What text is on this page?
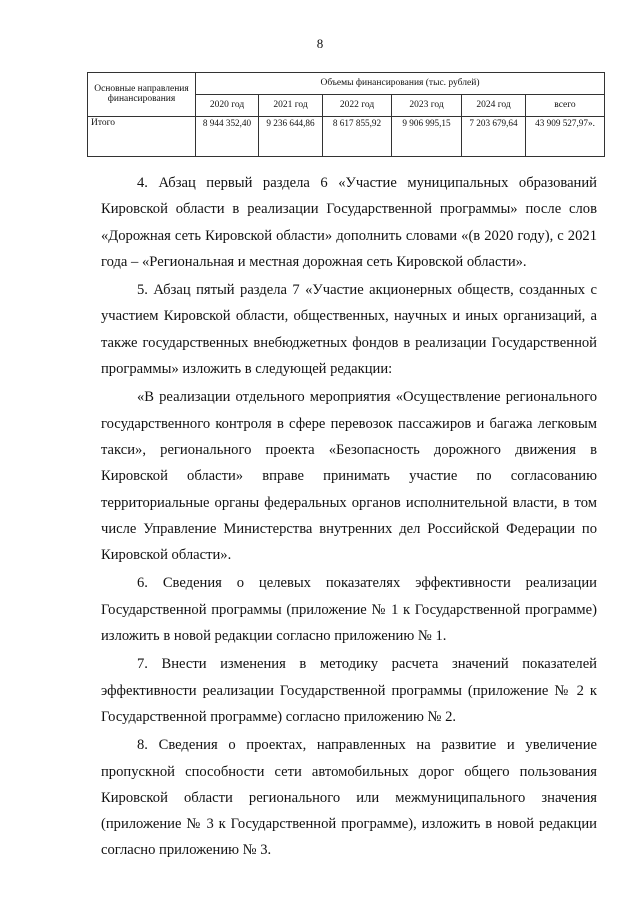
8
Основные направления финансирования	Объемы финансирования (тыс. рублей)					
	2020 год	2021 год	2022 год	2023 год	2024 год	всего
Итого	8 944 352,40	9 236 644,86	8 617 855,92	9 906 995,15	7 203 679,64	43 909 527,97».

4. Абзац первый раздела 6 «Участие муниципальных образований Кировской области в реализации Государственной программы» после слов «Дорожная сеть Кировской области» дополнить словами «(в 2020 году), с 2021 года – «Региональная и местная дорожная сеть Кировской области».

5. Абзац пятый раздела 7 «Участие акционерных обществ, созданных с участием Кировской области, общественных, научных и иных организаций, а также государственных внебюджетных фондов в реализации Государственной программы» изложить в следующей редакции:

«В реализации отдельного мероприятия «Осуществление регионального государственного контроля в сфере перевозок пассажиров и багажа легковым такси», регионального проекта «Безопасность дорожного движения в Кировской области» вправе принимать участие по согласованию территориальные органы федеральных органов исполнительной власти, в том числе Управление Министерства внутренних дел Российской Федерации по Кировской области».

6. Сведения о целевых показателях эффективности реализации Государственной программы (приложение № 1 к Государственной программе) изложить в новой редакции согласно приложению № 1.

7. Внести изменения в методику расчета значений показателей эффективности реализации Государственной программы (приложение № 2 к Государственной программе) согласно приложению № 2.

8. Сведения о проектах, направленных на развитие и увеличение пропускной способности сети автомобильных дорог общего пользования Кировской области регионального или межмуниципального значения (приложение № 3 к Государственной программе), изложить в новой редакции согласно приложению № 3.
